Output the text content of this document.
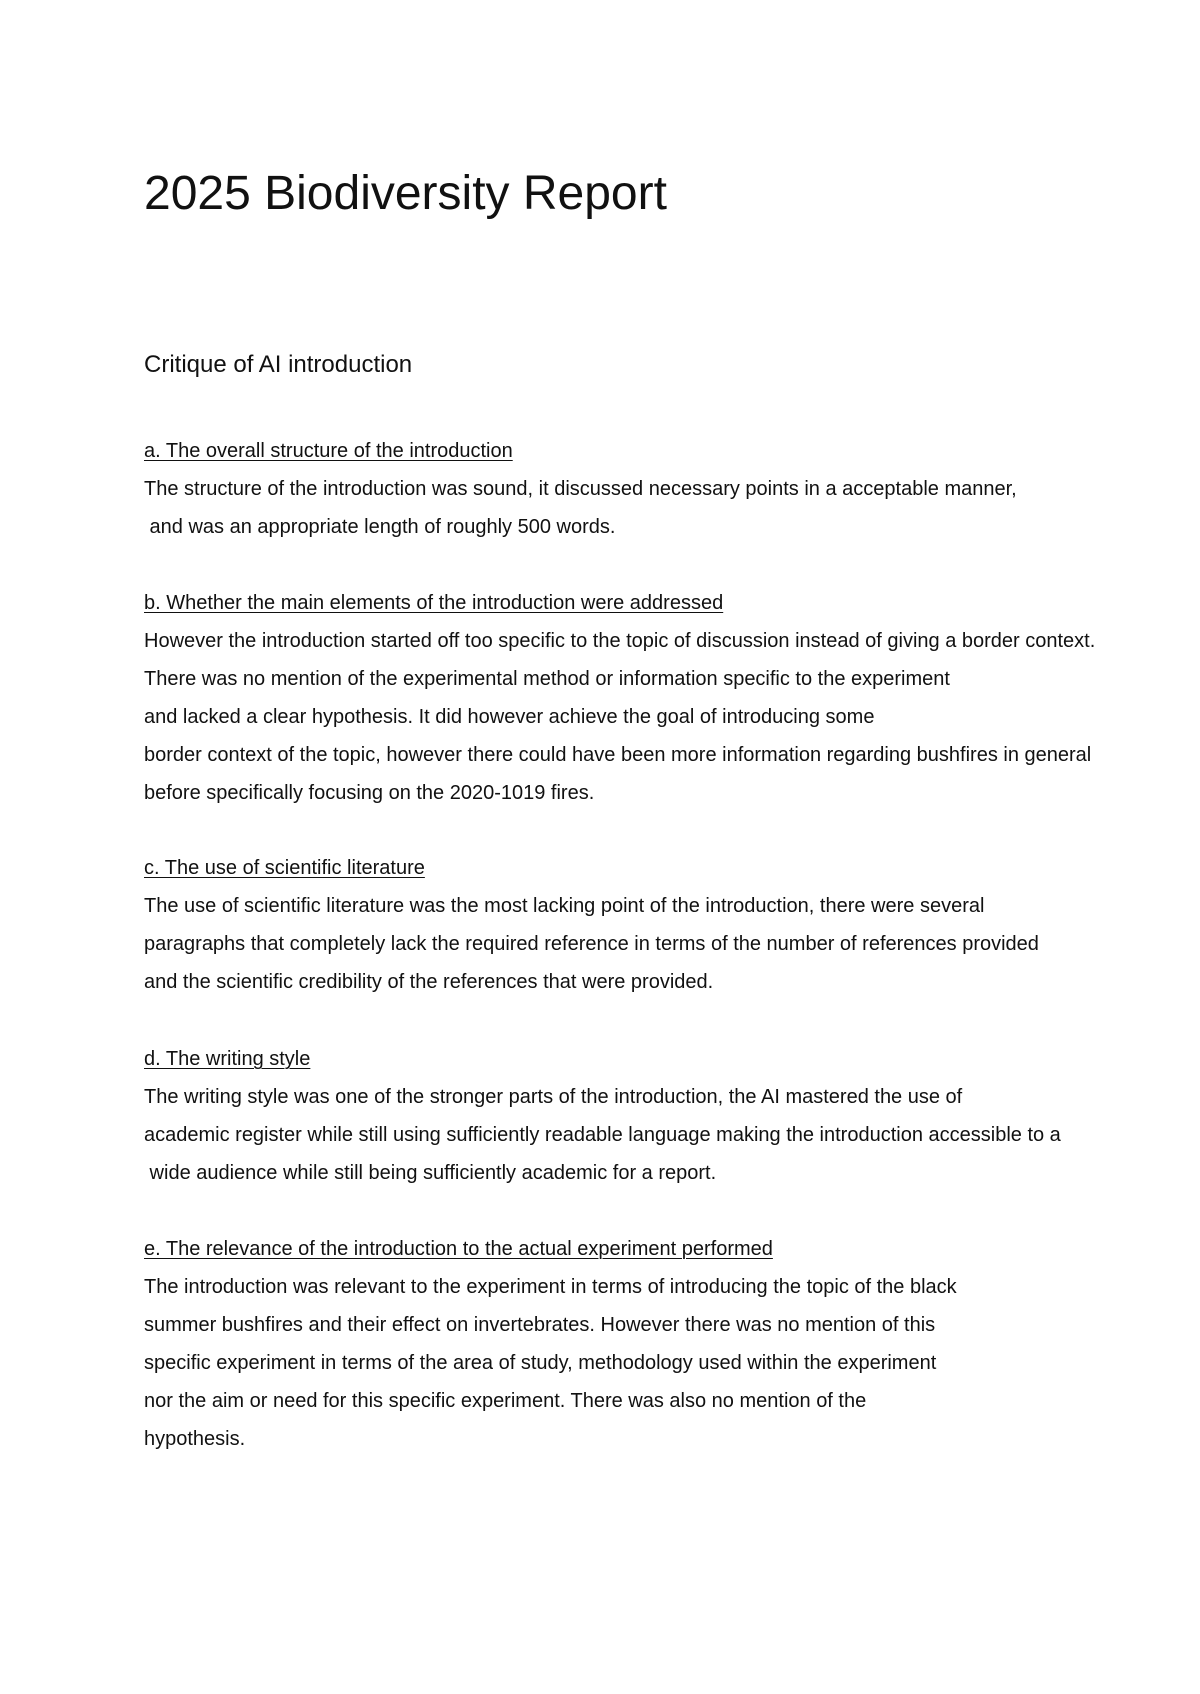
2025 Biodiversity Report
Critique of AI introduction
a. The overall structure of the introduction
The structure of the introduction was sound, it discussed necessary points in a acceptable manner,
and was an appropriate length of roughly 500 words.
b. Whether the main elements of the introduction were addressed
However the introduction started off too specific to the topic of discussion instead of giving a border context.
There was no mention of the experimental method or information specific to the experiment
and lacked a clear hypothesis. It did however achieve the goal of introducing some
border context of the topic, however there could have been more information regarding bushfires in general
before specifically focusing on the 2020-1019 fires.
c. The use of scientific literature
The use of scientific literature was the most lacking point of the introduction, there were several
paragraphs that completely lack the required reference in terms of the number of references provided
and the scientific credibility of the references that were provided.
d. The writing style
The writing style was one of the stronger parts of the introduction, the AI mastered the use of
academic register while still using sufficiently readable language making the introduction accessible to a
wide audience while still being sufficiently academic for a report.
e. The relevance of the introduction to the actual experiment performed
The introduction was relevant to the experiment in terms of introducing the topic of the black
summer bushfires and their effect on invertebrates. However there was no mention of this
specific experiment in terms of the area of study, methodology used within the experiment
nor the aim or need for this specific experiment. There was also no mention of the
hypothesis.
